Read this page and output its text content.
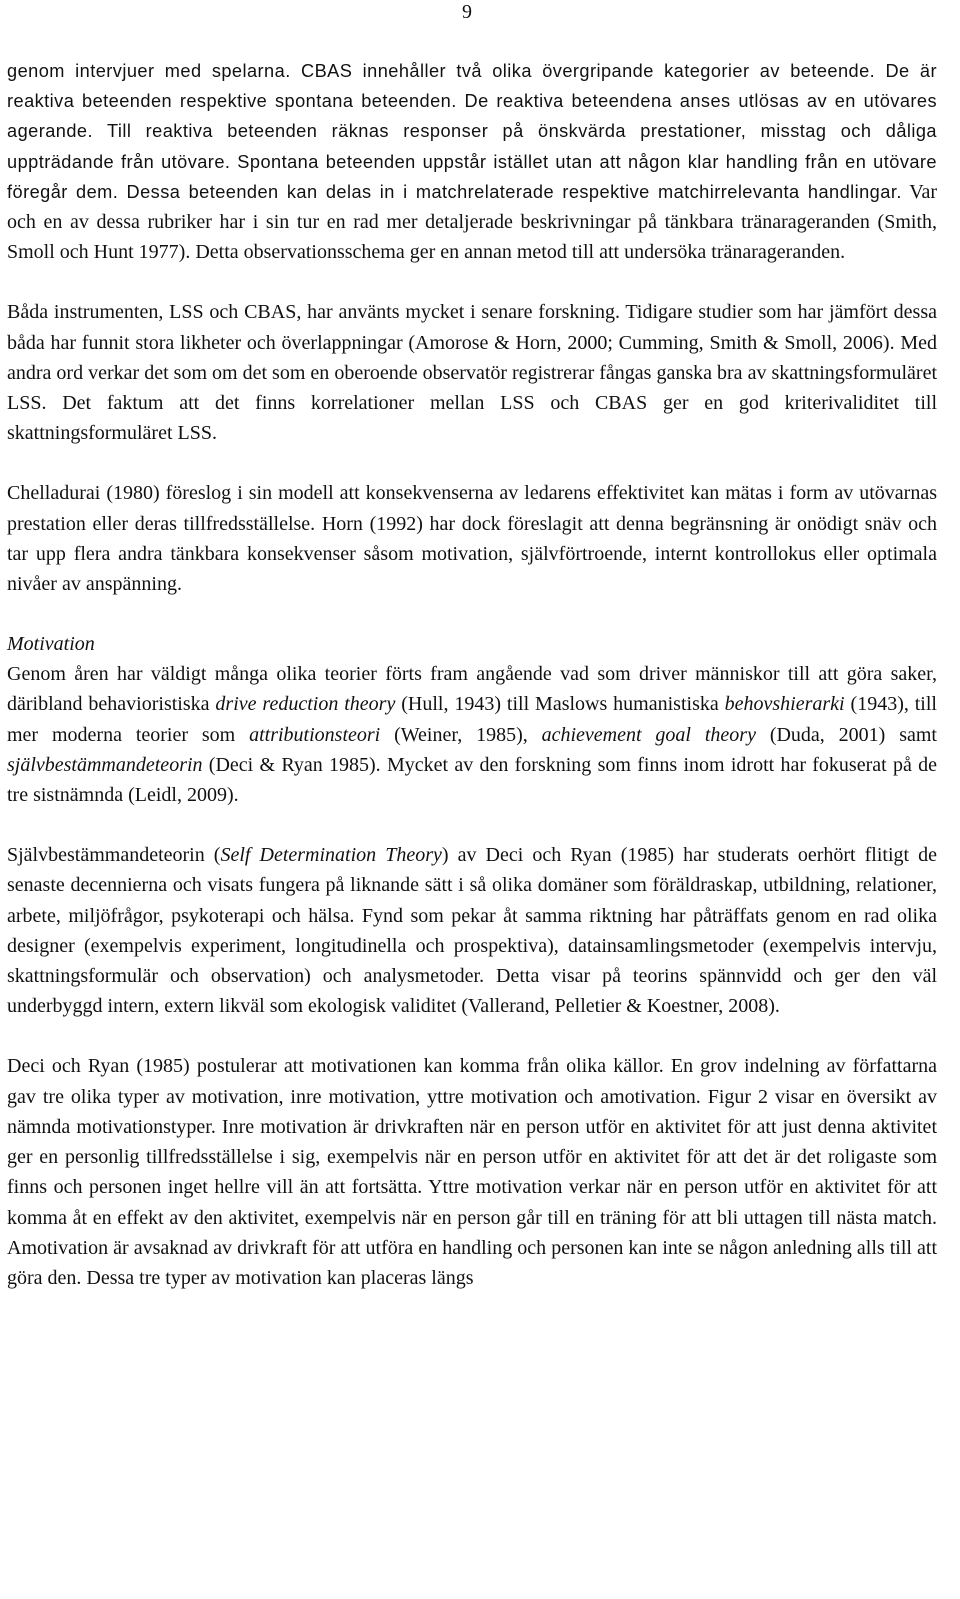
9

genom intervjuer med spelarna. CBAS innehåller två olika övergripande kategorier av beteende. De är reaktiva beteenden respektive spontana beteenden. De reaktiva beteendena anses utlösas av en utövares agerande. Till reaktiva beteenden räknas responser på önskvärda prestationer, misstag och dåliga uppträdande från utövare. Spontana beteenden uppstår istället utan att någon klar handling från en utövare föregår dem. Dessa beteenden kan delas in i matchrelaterade respektive matchirrelevanta handlingar. Var och en av dessa rubriker har i sin tur en rad mer detaljerade beskrivningar på tänkbara tränarageranden (Smith, Smoll och Hunt 1977). Detta observationsschema ger en annan metod till att undersöka tränarageranden.

Båda instrumenten, LSS och CBAS, har använts mycket i senare forskning. Tidigare studier som har jämfört dessa båda har funnit stora likheter och överlappningar (Amorose & Horn, 2000; Cumming, Smith & Smoll, 2006). Med andra ord verkar det som om det som en oberoende observatör registrerar fångas ganska bra av skattningsformuläret LSS. Det faktum att det finns korrelationer mellan LSS och CBAS ger en god kriterivaliditet till skattningsformuläret LSS.

Chelladurai (1980) föreslog i sin modell att konsekvenserna av ledarens effektivitet kan mätas i form av utövarnas prestation eller deras tillfredsställelse. Horn (1992) har dock föreslagit att denna begränsning är onödigt snäv och tar upp flera andra tänkbara konsekvenser såsom motivation, självförtroende, internt kontrollokus eller optimala nivåer av anspänning.

Motivation

Genom åren har väldigt många olika teorier förts fram angående vad som driver människor till att göra saker, däribland behavioristiska drive reduction theory (Hull, 1943) till Maslows humanistiska behovshierarki (1943), till mer moderna teorier som attributionsteori (Weiner, 1985), achievement goal theory (Duda, 2001) samt självbestämmandeteorin (Deci & Ryan 1985). Mycket av den forskning som finns inom idrott har fokuserat på de tre sistnämnda (Leidl, 2009).

Självbestämmandeteorin (Self Determination Theory) av Deci och Ryan (1985) har studerats oerhört flitigt de senaste decennierna och visats fungera på liknande sätt i så olika domäner som föräldraskap, utbildning, relationer, arbete, miljöfrågor, psykoterapi och hälsa. Fynd som pekar åt samma riktning har påträffats genom en rad olika designer (exempelvis experiment, longitudinella och prospektiva), datainsamlingsmetoder (exempelvis intervju, skattningsformulär och observation) och analysmetoder. Detta visar på teorins spännvidd och ger den väl underbyggd intern, extern likväl som ekologisk validitet (Vallerand, Pelletier & Koestner, 2008).

Deci och Ryan (1985) postulerar att motivationen kan komma från olika källor. En grov indelning av författarna gav tre olika typer av motivation, inre motivation, yttre motivation och amotivation. Figur 2 visar en översikt av nämnda motivationstyper. Inre motivation är drivkraften när en person utför en aktivitet för att just denna aktivitet ger en personlig tillfredsställelse i sig, exempelvis när en person utför en aktivitet för att det är det roligaste som finns och personen inget hellre vill än att fortsätta. Yttre motivation verkar när en person utför en aktivitet för att komma åt en effekt av den aktivitet, exempelvis när en person går till en träning för att bli uttagen till nästa match. Amotivation är avsaknad av drivkraft för att utföra en handling och personen kan inte se någon anledning alls till att göra den. Dessa tre typer av motivation kan placeras längs
